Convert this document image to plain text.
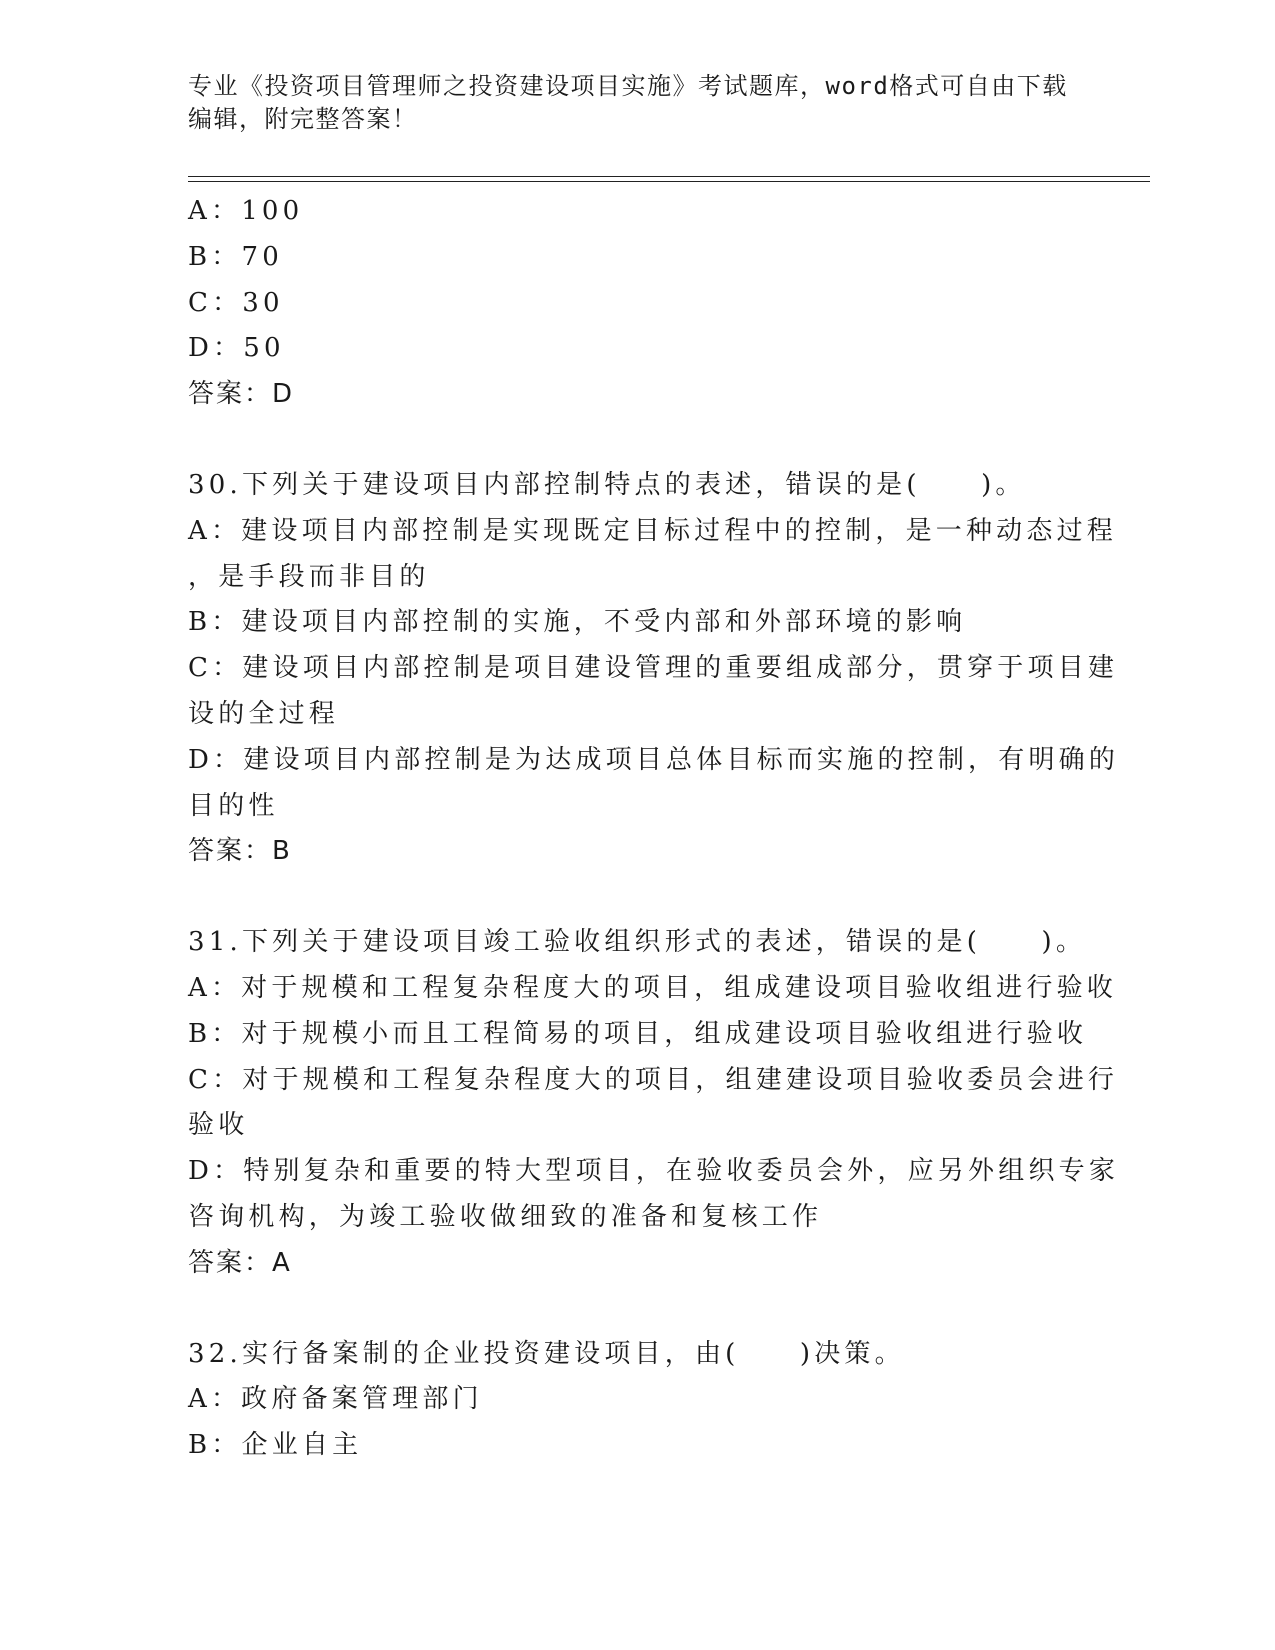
专业《投资项目管理师之投资建设项目实施》考试题库，word格式可自由下载编辑，附完整答案！
A：100
B：70
C：30
D：50
答案：D
30.下列关于建设项目内部控制特点的表述，错误的是(　　)。
A：建设项目内部控制是实现既定目标过程中的控制，是一种动态过程
，是手段而非目的
B：建设项目内部控制的实施，不受内部和外部环境的影响
C：建设项目内部控制是项目建设管理的重要组成部分，贯穿于项目建
设的全过程
D：建设项目内部控制是为达成项目总体目标而实施的控制，有明确的
目的性
答案：B
31.下列关于建设项目竣工验收组织形式的表述，错误的是(　　)。
A：对于规模和工程复杂程度大的项目，组成建设项目验收组进行验收
B：对于规模小而且工程简易的项目，组成建设项目验收组进行验收
C：对于规模和工程复杂程度大的项目，组建建设项目验收委员会进行
验收
D：特别复杂和重要的特大型项目，在验收委员会外，应另外组织专家
咨询机构，为竣工验收做细致的准备和复核工作
答案：A
32.实行备案制的企业投资建设项目，由(　　)决策。
A：政府备案管理部门
B：企业自主
